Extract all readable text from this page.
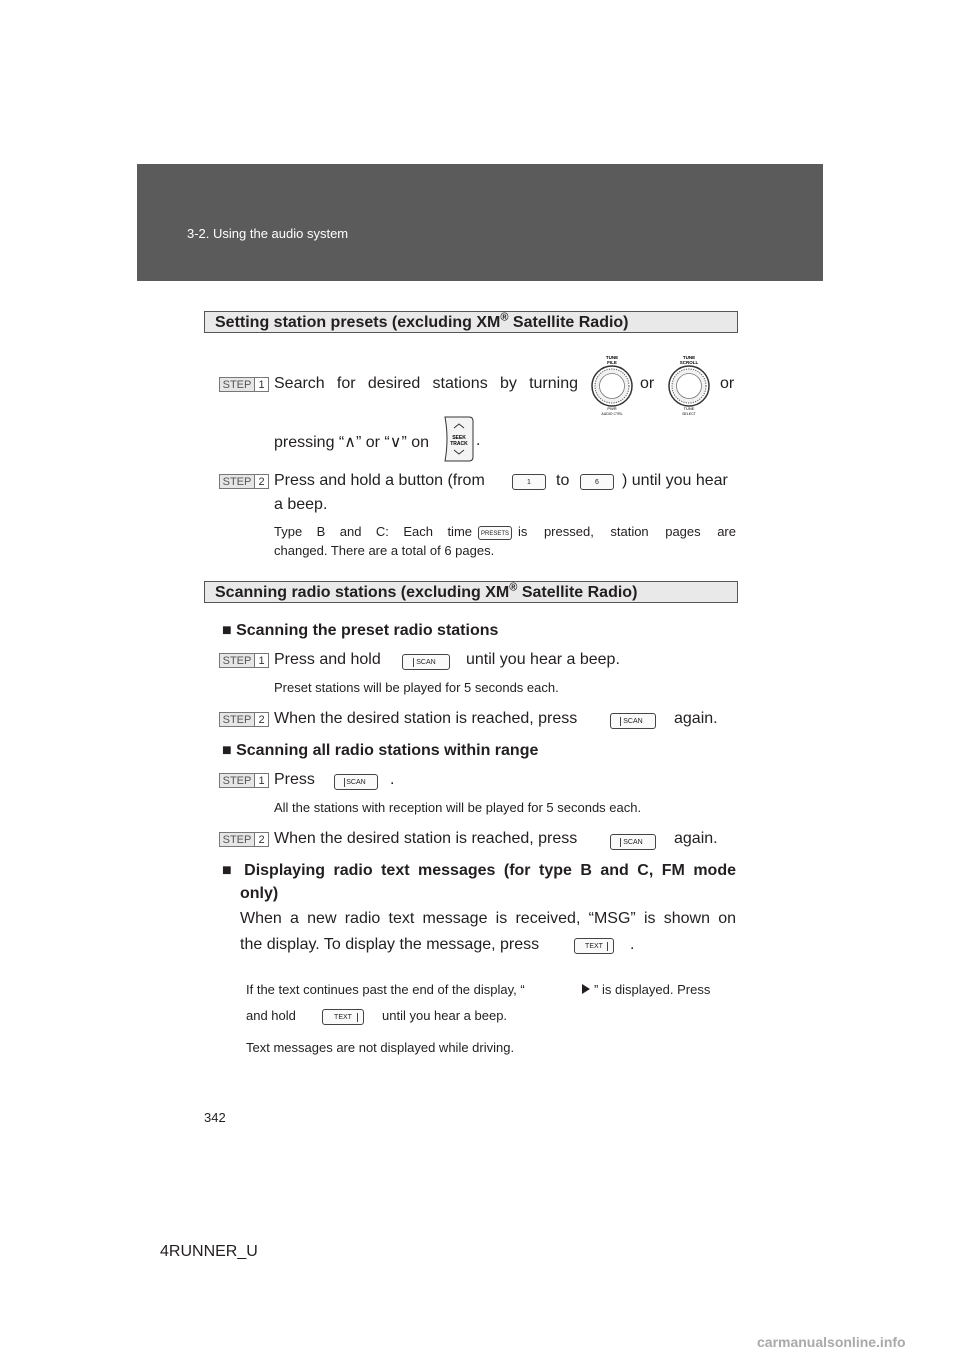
3-2. Using the audio system
Setting station presets (excluding XM® Satellite Radio)
STEP 1 Search for desired stations by turning
TUNE
FILE
PWR
AUDIO CTRL
or
TUNE
SCROLL
TUNE
SELECT
or
pressing “∧” or “∨” on	SEEK
TRACK .
STEP 2 Press and hold a button (from	1	to	6	) until you hear
a beep.
Type B and C: Each time	PRESETS is pressed, station pages are
changed. There are a total of 6 pages.
Scanning radio stations (excluding XM® Satellite Radio)
■ Scanning the preset radio stations
STEP 1 Press and hold	SCAN	until you hear a beep.
Preset stations will be played for 5 seconds each.
STEP 2 When the desired station is reached, press	SCAN	again.
■ Scanning all radio stations within range
STEP 1 Press	SCAN	.
All the stations with reception will be played for 5 seconds each.
STEP 2 When the desired station is reached, press	SCAN	again.
■ Displaying radio text messages (for type B and C, FM mode
only)
When a new radio text message is received, “MSG” is shown on
the display. To display the message, press	TEXT	.
If the text continues past the end of the display, “	” is displayed. Press
and hold	TEXT	until you hear a beep.
Text messages are not displayed while driving.
342
4RUNNER_U
carmanualsonline.info
